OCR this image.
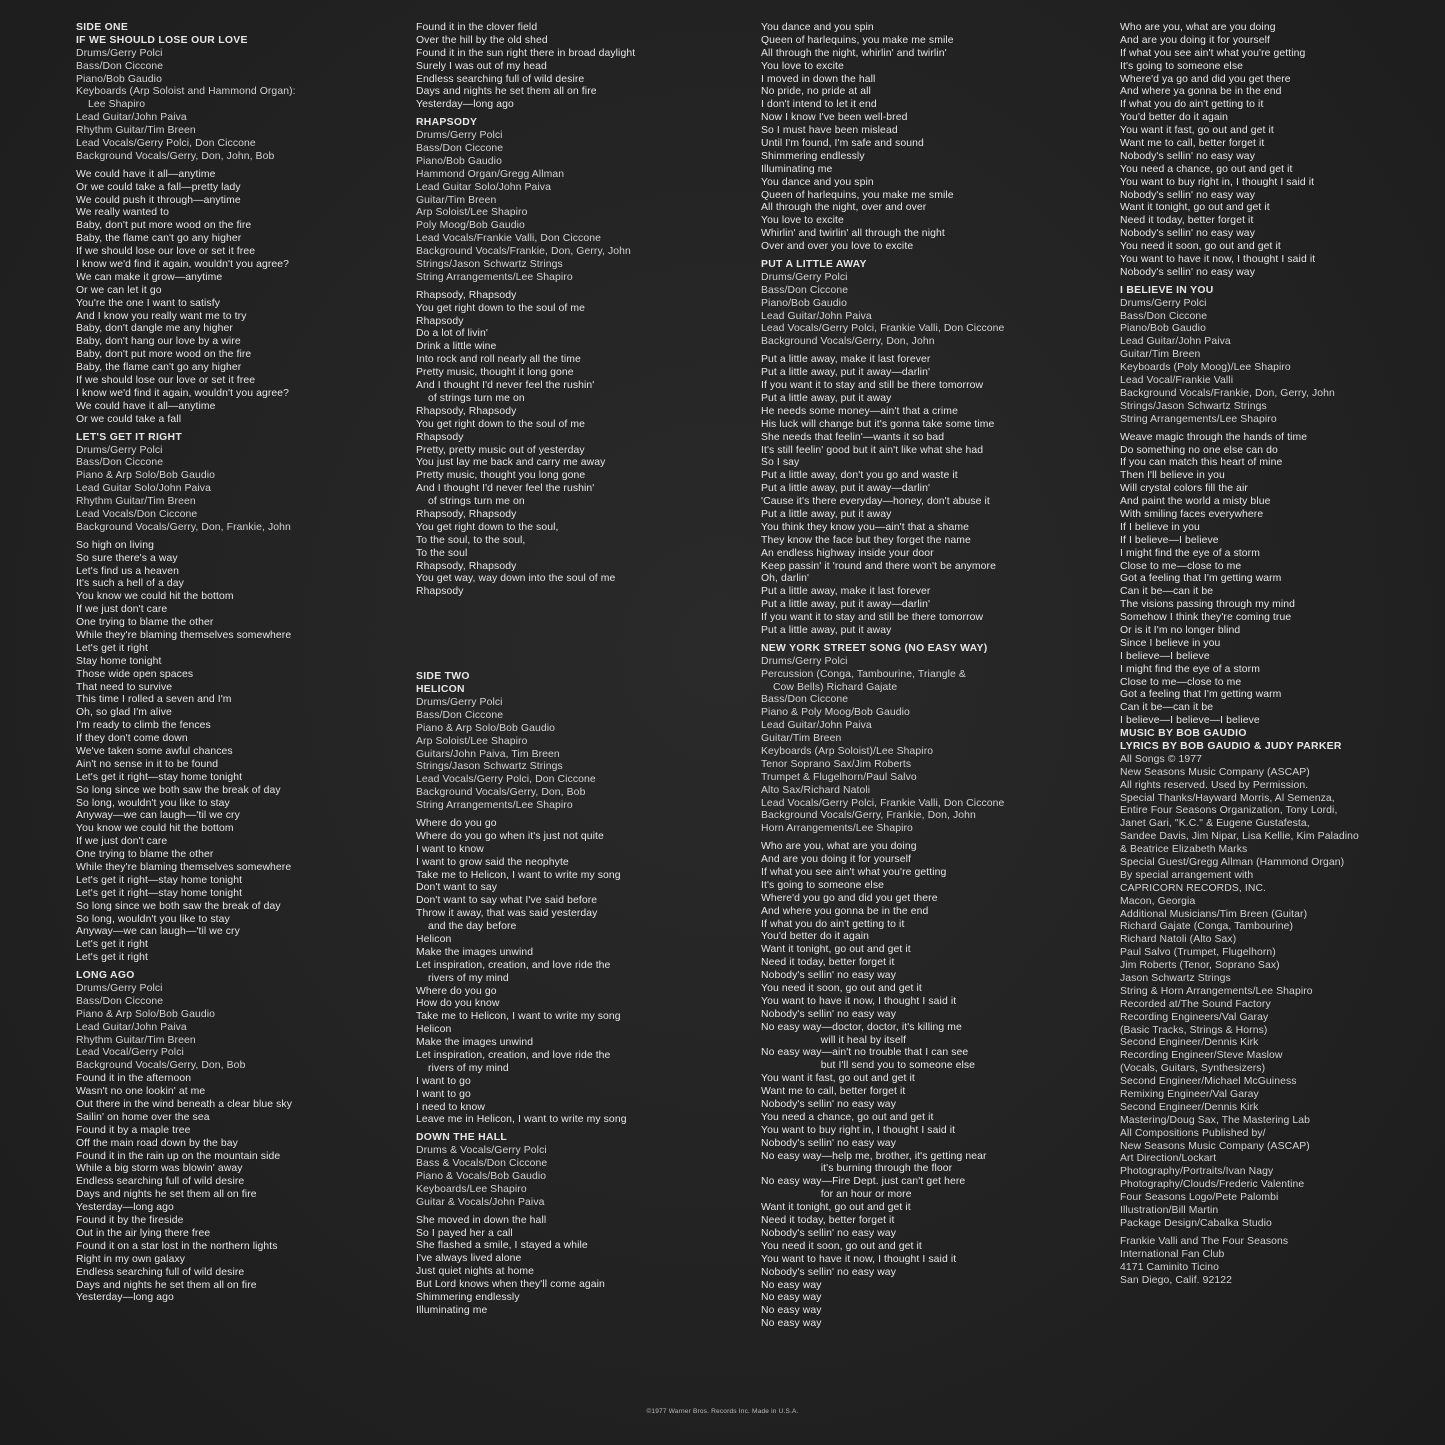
SIDE ONE
IF WE SHOULD LOSE OUR LOVE
Drums/Gerry Polci
Bass/Don Ciccone
Piano/Bob Gaudio
Keyboards (Arp Soloist and Hammond Organ):
Lee Shapiro
Lead Guitar/John Paiva
Rhythm Guitar/Tim Breen
Lead Vocals/Gerry Polci, Don Ciccone
Background Vocals/Gerry, Don, John, Bob
We could have it all—anytime
Or we could take a fall—pretty lady
We could push it through—anytime
We really wanted to
Baby, don't put more wood on the fire
Baby, the flame can't go any higher
If we should lose our love or set it free
I know we'd find it again, wouldn't you agree?
We can make it grow—anytime
Or we can let it go
You're the one I want to satisfy
And I know you really want me to try
Baby, don't dangle me any higher
Baby, don't hang our love by a wire
Baby, don't put more wood on the fire
Baby, the flame can't go any higher
If we should lose our love or set it free
I know we'd find it again, wouldn't you agree?
We could have it all—anytime
Or we could take a fall
LET'S GET IT RIGHT
Drums/Gerry Polci
Bass/Don Ciccone
Piano & Arp Solo/Bob Gaudio
Lead Guitar Solo/John Paiva
Rhythm Guitar/Tim Breen
Lead Vocals/Don Ciccone
Background Vocals/Gerry, Don, Frankie, John
So high on living
So sure there's a way
Let's find us a heaven
It's such a hell of a day
You know we could hit the bottom
If we just don't care
One trying to blame the other
While they're blaming themselves somewhere
Let's get it right
Stay home tonight
Those wide open spaces
That need to survive
This time I rolled a seven and I'm
Oh, so glad I'm alive
I'm ready to climb the fences
If they don't come down
We've taken some awful chances
Ain't no sense in it to be found
Let's get it right—stay home tonight
So long since we both saw the break of day
So long, wouldn't you like to stay
Anyway—we can laugh—'til we cry
You know we could hit the bottom
If we just don't care
One trying to blame the other
While they're blaming themselves somewhere
Let's get it right—stay home tonight
Let's get it right—stay home tonight
So long since we both saw the break of day
So long, wouldn't you like to stay
Anyway—we can laugh—'til we cry
Let's get it right
Let's get it right
LONG AGO
Drums/Gerry Polci
Bass/Don Ciccone
Piano & Arp Solo/Bob Gaudio
Lead Guitar/John Paiva
Rhythm Guitar/Tim Breen
Lead Vocal/Gerry Polci
Background Vocals/Gerry, Don, Bob
Found it in the afternoon
Wasn't no one lookin' at me
Out there in the wind beneath a clear blue sky
Sailin' on home over the sea
Found it by a maple tree
Off the main road down by the bay
Found it in the rain up on the mountain side
While a big storm was blowin' away
Endless searching full of wild desire
Days and nights he set them all on fire
Yesterday—long ago
Found it by the fireside
Out in the air lying there free
Found it on a star lost in the northern lights
Right in my own galaxy
Endless searching full of wild desire
Days and nights he set them all on fire
Yesterday—long ago
Found it in the clover field
Over the hill by the old shed
Found it in the sun right there in broad daylight
Surely I was out of my head
Endless searching full of wild desire
Days and nights he set them all on fire
Yesterday—long ago
RHAPSODY
Drums/Gerry Polci
Bass/Don Ciccone
Piano/Bob Gaudio
Hammond Organ/Gregg Allman
Lead Guitar Solo/John Paiva
Guitar/Tim Breen
Arp Soloist/Lee Shapiro
Poly Moog/Bob Gaudio
Lead Vocals/Frankie Valli, Don Ciccone
Background Vocals/Frankie, Don, Gerry, John
Strings/Jason Schwartz Strings
String Arrangements/Lee Shapiro
Rhapsody, Rhapsody
You get right down to the soul of me
Rhapsody
Do a lot of livin'
Drink a little wine
Into rock and roll nearly all the time
Pretty music, thought it long gone
And I thought I'd never feel the rushin'
of strings turn me on
Rhapsody, Rhapsody
You get right down to the soul of me
Rhapsody
Pretty, pretty music out of yesterday
You just lay me back and carry me away
Pretty music, thought you long gone
And I thought I'd never feel the rushin'
of strings turn me on
Rhapsody, Rhapsody
You get right down to the soul,
To the soul, to the soul,
To the soul
Rhapsody, Rhapsody
You get way, way down into the soul of me
Rhapsody
SIDE TWO
HELICON
Drums/Gerry Polci
Bass/Don Ciccone
Piano & Arp Solo/Bob Gaudio
Arp Soloist/Lee Shapiro
Guitars/John Paiva, Tim Breen
Strings/Jason Schwartz Strings
Lead Vocals/Gerry Polci, Don Ciccone
Background Vocals/Gerry, Don, Bob
String Arrangements/Lee Shapiro
Where do you go
Where do you go when it's just not quite
I want to know
I want to grow said the neophyte
Take me to Helicon, I want to write my song
Don't want to say
Don't want to say what I've said before
Throw it away, that was said yesterday
and the day before
Helicon
Make the images unwind
Let inspiration, creation, and love ride the
rivers of my mind
Where do you go
How do you know
Take me to Helicon, I want to write my song
Helicon
Make the images unwind
Let inspiration, creation, and love ride the
rivers of my mind
I want to go
I want to go
I need to know
Leave me in Helicon, I want to write my song
DOWN THE HALL
Drums & Vocals/Gerry Polci
Bass & Vocals/Don Ciccone
Piano & Vocals/Bob Gaudio
Keyboards/Lee Shapiro
Guitar & Vocals/John Paiva
She moved in down the hall
So I payed her a call
She flashed a smile, I stayed a while
I've always lived alone
Just quiet nights at home
But Lord knows when they'll come again
Shimmering endlessly
Illuminating me
You dance and you spin
Queen of harlequins, you make me smile
All through the night, whirlin' and twirlin'
You love to excite
I moved in down the hall
No pride, no pride at all
I don't intend to let it end
Now I know I've been well-bred
So I must have been mislead
Until I'm found, I'm safe and sound
Shimmering endlessly
Illuminating me
You dance and you spin
Queen of harlequins, you make me smile
All through the night, over and over
You love to excite
Whirlin' and twirlin' all through the night
Over and over you love to excite
PUT A LITTLE AWAY
Drums/Gerry Polci
Bass/Don Ciccone
Piano/Bob Gaudio
Lead Guitar/John Paiva
Lead Vocals/Gerry Polci, Frankie Valli, Don Ciccone
Background Vocals/Gerry, Don, John
Put a little away, make it last forever
Put a little away, put it away—darlin'
If you want it to stay and still be there tomorrow
Put a little away, put it away
He needs some money—ain't that a crime
His luck will change but it's gonna take some time
She needs that feelin'—wants it so bad
It's still feelin' good but it ain't like what she had
So I say
Put a little away, don't you go and waste it
Put a little away, put it away—darlin'
'Cause it's there everyday—honey, don't abuse it
Put a little away, put it away
You think they know you—ain't that a shame
They know the face but they forget the name
An endless highway inside your door
Keep passin' it 'round and there won't be anymore
Oh, darlin'
Put a little away, make it last forever
Put a little away, put it away—darlin'
If you want it to stay and still be there tomorrow
Put a little away, put it away
NEW YORK STREET SONG (NO EASY WAY)
Drums/Gerry Polci
Percussion (Conga, Tambourine, Triangle &
Cow Bells) Richard Gajate
Bass/Don Ciccone
Piano & Poly Moog/Bob Gaudio
Lead Guitar/John Paiva
Guitar/Tim Breen
Keyboards (Arp Soloist)/Lee Shapiro
Tenor Soprano Sax/Jim Roberts
Trumpet & Flugelhorn/Paul Salvo
Alto Sax/Richard Natoli
Lead Vocals/Gerry Polci, Frankie Valli, Don Ciccone
Background Vocals/Gerry, Frankie, Don, John
Horn Arrangements/Lee Shapiro
Who are you, what are you doing
And are you doing it for yourself
If what you see ain't what you're getting
It's going to someone else
Where'd you go and did you get there
And where you gonna be in the end
If what you do ain't getting to it
You'd better do it again
Want it tonight, go out and get it
Need it today, better forget it
Nobody's sellin' no easy way
You need it soon, go out and get it
You want to have it now, I thought I said it
Nobody's sellin' no easy way
No easy way—doctor, doctor, it's killing me
will it heal by itself
No easy way—ain't no trouble that I can see
but I'll send you to someone else
You want it fast, go out and get it
Want me to call, better forget it
Nobody's sellin' no easy way
You need a chance, go out and get it
You want to buy right in, I thought I said it
Nobody's sellin' no easy way
No easy way—help me, brother, it's getting near
it's burning through the floor
No easy way—Fire Dept. just can't get here
for an hour or more
Want it tonight, go out and get it
Need it today, better forget it
Nobody's sellin' no easy way
You need it soon, go out and get it
You want to have it now, I thought I said it
Nobody's sellin' no easy way
No easy way
No easy way
No easy way
No easy way
Who are you, what are you doing
And are you doing it for yourself
If what you see ain't what you're getting
It's going to someone else
Where'd ya go and did you get there
And where ya gonna be in the end
If what you do ain't getting to it
You'd better do it again
You want it fast, go out and get it
Want me to call, better forget it
Nobody's sellin' no easy way
You need a chance, go out and get it
You want to buy right in, I thought I said it
Nobody's sellin' no easy way
Want it tonight, go out and get it
Need it today, better forget it
Nobody's sellin' no easy way
You need it soon, go out and get it
You want to have it now, I thought I said it
Nobody's sellin' no easy way
I BELIEVE IN YOU
Drums/Gerry Polci
Bass/Don Ciccone
Piano/Bob Gaudio
Lead Guitar/John Paiva
Guitar/Tim Breen
Keyboards (Poly Moog)/Lee Shapiro
Lead Vocal/Frankie Valli
Background Vocals/Frankie, Don, Gerry, John
Strings/Jason Schwartz Strings
String Arrangements/Lee Shapiro
Weave magic through the hands of time
Do something no one else can do
If you can match this heart of mine
Then I'll believe in you
Will crystal colors fill the air
And paint the world a misty blue
With smiling faces everywhere
If I believe in you
If I believe—I believe
I might find the eye of a storm
Close to me—close to me
Got a feeling that I'm getting warm
Can it be—can it be
The visions passing through my mind
Somehow I think they're coming true
Or is it I'm no longer blind
Since I believe in you
I believe—I believe
I might find the eye of a storm
Close to me—close to me
Got a feeling that I'm getting warm
Can it be—can it be
I believe—I believe—I believe
MUSIC BY BOB GAUDIO
LYRICS BY BOB GAUDIO & JUDY PARKER
All Songs © 1977
New Seasons Music Company (ASCAP)
All rights reserved. Used by Permission.
Special Thanks/Hayward Morris, Al Semenza,
Entire Four Seasons Organization, Tony Lordi,
Janet Gari, "K.C." & Eugene Gustafesta,
Sandee Davis, Jim Nipar, Lisa Kellie, Kim Paladino
& Beatrice Elizabeth Marks
Special Guest/Gregg Allman (Hammond Organ)
By special arrangement with
CAPRICORN RECORDS, INC.
Macon, Georgia
Additional Musicians/Tim Breen (Guitar)
Richard Gajate (Conga, Tambourine)
Richard Natoli (Alto Sax)
Paul Salvo (Trumpet, Flugelhorn)
Jim Roberts (Tenor, Soprano Sax)
Jason Schwartz Strings
String & Horn Arrangements/Lee Shapiro
Recorded at/The Sound Factory
Recording Engineers/Val Garay
(Basic Tracks, Strings & Horns)
Second Engineer/Dennis Kirk
Recording Engineer/Steve Maslow
(Vocals, Guitars, Synthesizers)
Second Engineer/Michael McGuiness
Remixing Engineer/Val Garay
Second Engineer/Dennis Kirk
Mastering/Doug Sax, The Mastering Lab
All Compositions Published by/
New Seasons Music Company (ASCAP)
Art Direction/Lockart
Photography/Portraits/Ivan Nagy
Photography/Clouds/Frederic Valentine
Four Seasons Logo/Pete Palombi
Illustration/Bill Martin
Package Design/Cabalka Studio
Frankie Valli and The Four Seasons
International Fan Club
4171 Caminito Ticino
San Diego, Calif. 92122
©1977 Warner Bros. Records Inc. Made in U.S.A.
